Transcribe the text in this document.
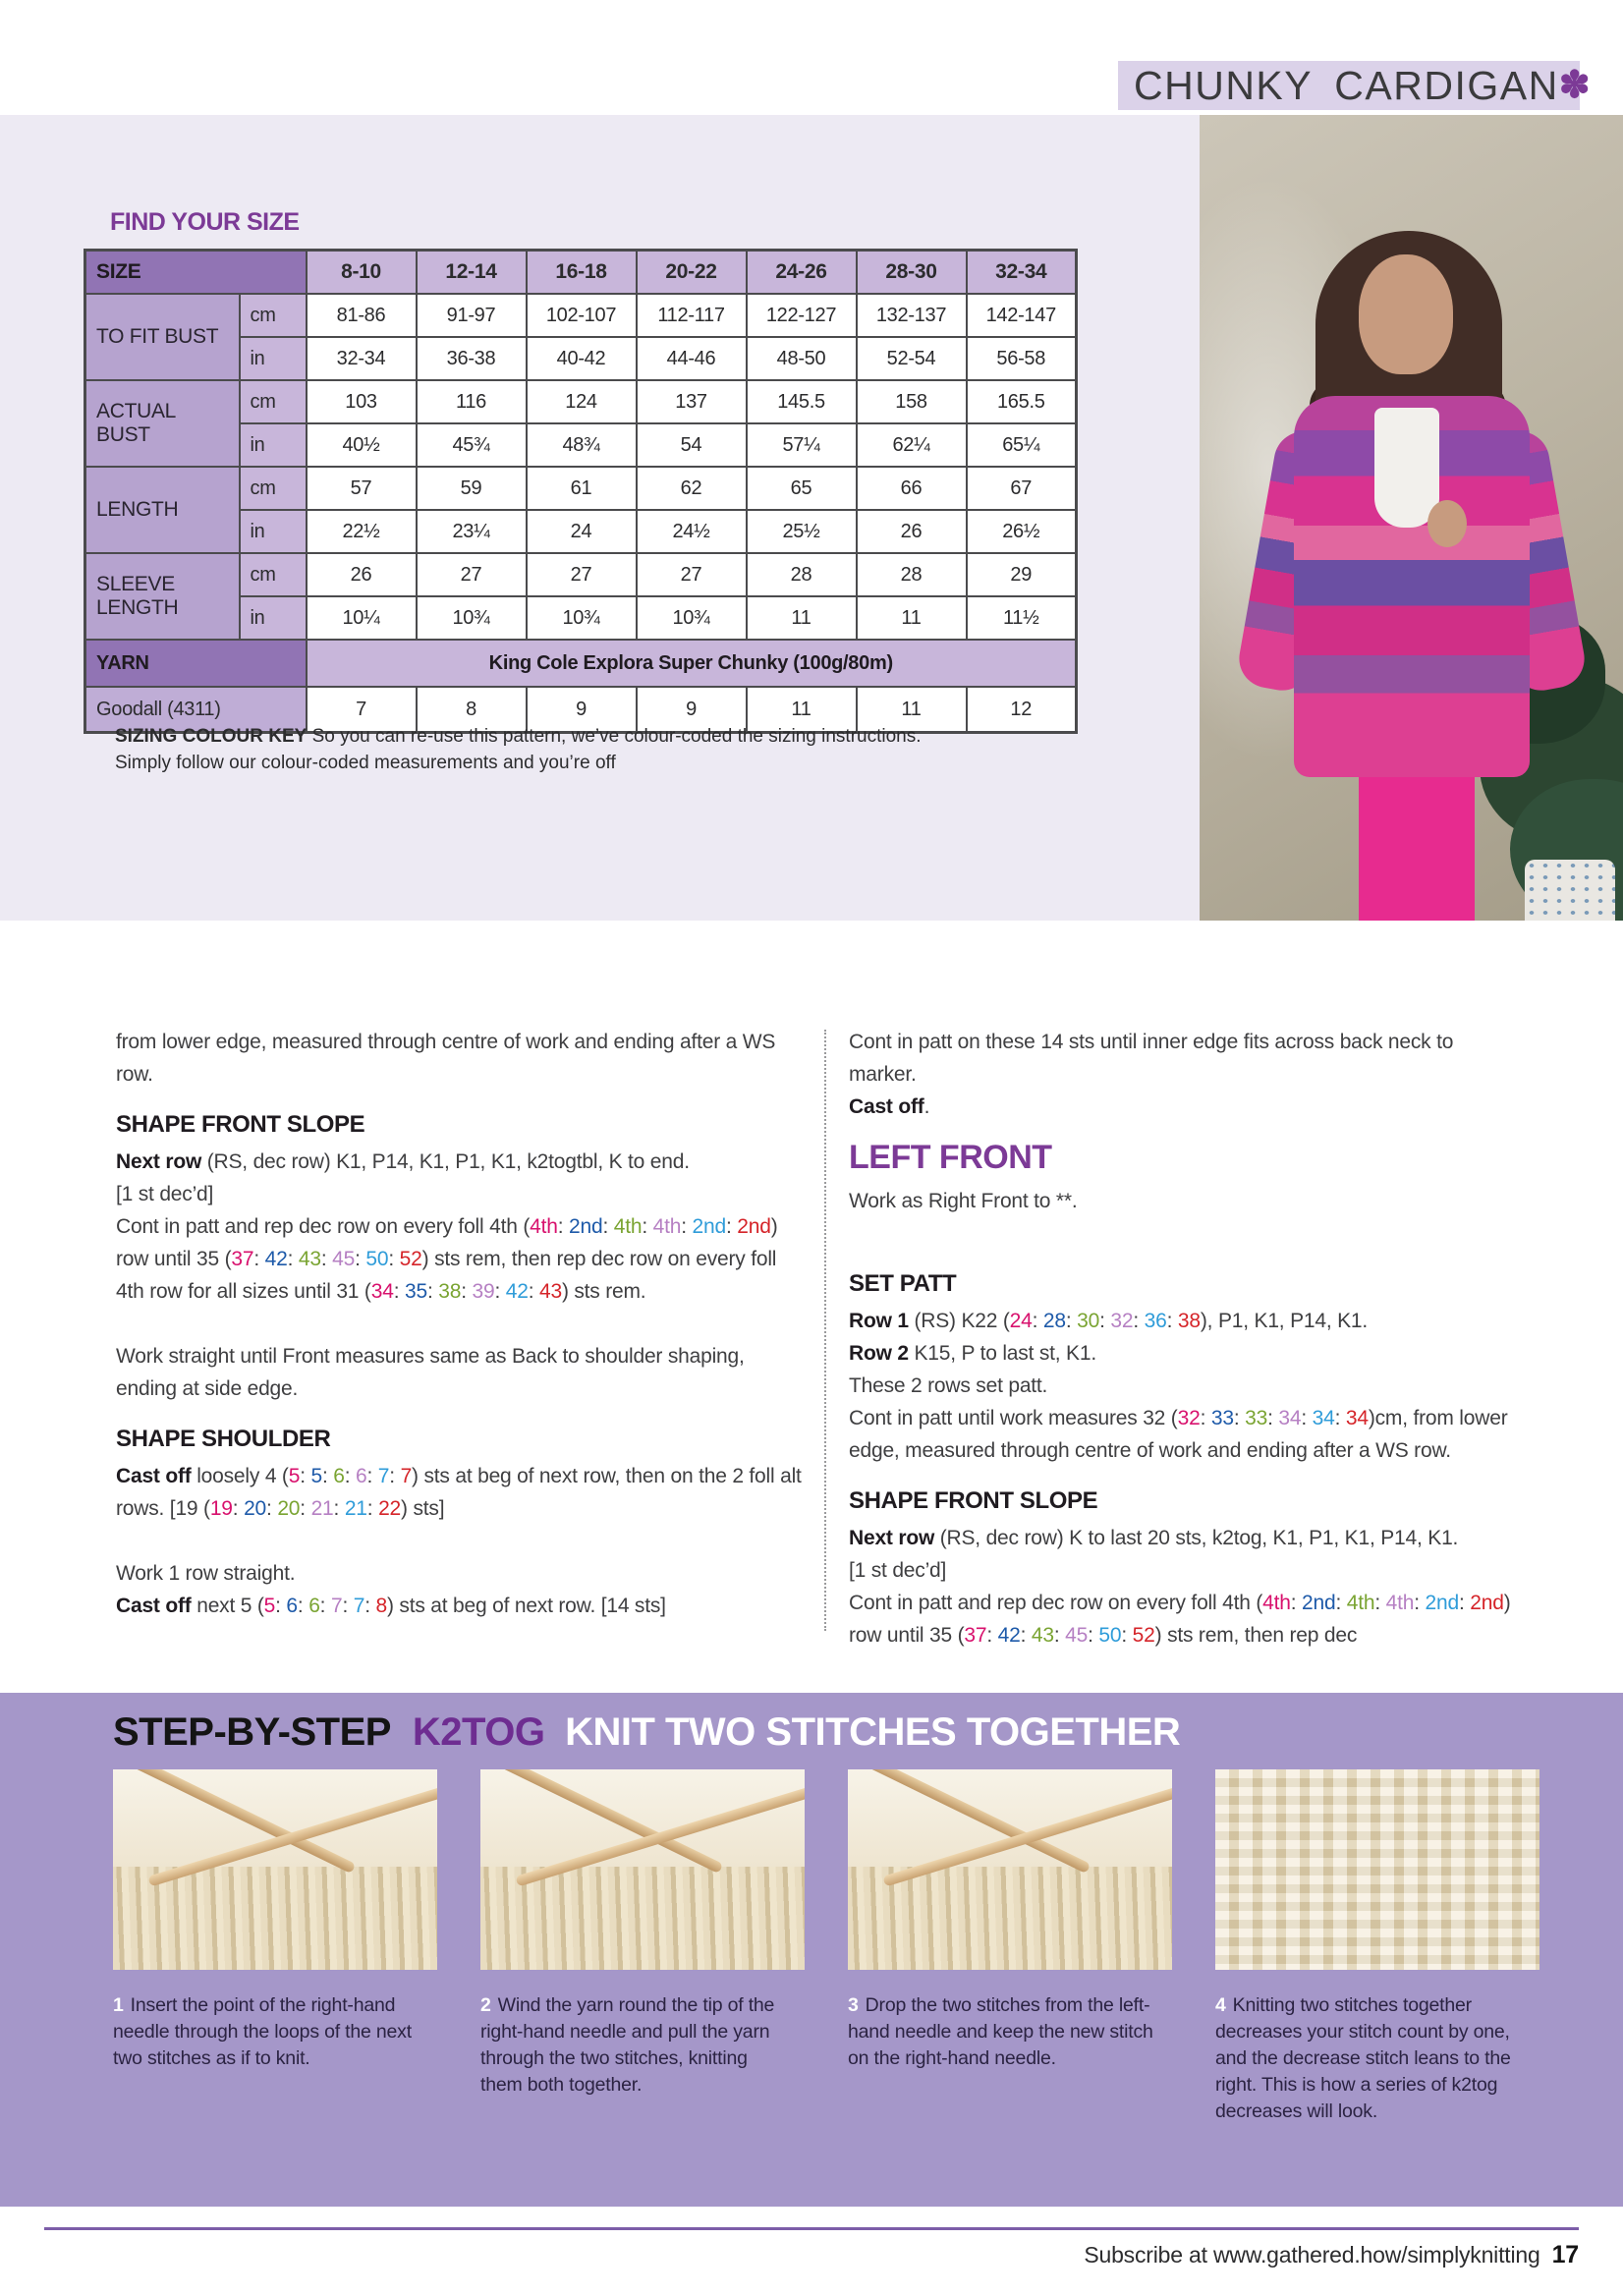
CHUNKY CARDIGAN ✽
FIND YOUR SIZE
SIZE		8-10	12-14	16-18	20-22	24-26	28-30	32-34
TO FIT BUST	cm	81-86	91-97	102-107	112-117	122-127	132-137	142-147
	in	32-34	36-38	40-42	44-46	48-50	52-54	56-58
ACTUAL BUST	cm	103	116	124	137	145.5	158	165.5
	in	40½	45¾	48¾	54	57¼	62¼	65¼
LENGTH	cm	57	59	61	62	65	66	67
	in	22½	23¼	24	24½	25½	26	26½
SLEEVE LENGTH	cm	26	27	27	27	28	28	29
	in	10¼	10¾	10¾	10¾	11	11	11½
YARN		King Cole Explora Super Chunky (100g/80m)						
Goodall (4311)		7	8	9	9	11	11	12
SIZING COLOUR KEY So you can re-use this pattern, we’ve colour-coded the sizing instructions. Simply follow our colour-coded measurements and you’re off
from lower edge, measured through centre of work and ending after a WS row.
SHAPE FRONT SLOPE
Next row (RS, dec row) K1, P14, K1, P1, K1, k2togtbl, K to end.
[1 st dec’d]
Cont in patt and rep dec row on every foll 4th (4th: 2nd: 4th: 4th: 2nd: 2nd) row until 35 (37: 42: 43: 45: 50: 52) sts rem, then rep dec row on every foll 4th row for all sizes until 31 (34: 35: 38: 39: 42: 43) sts rem.
Work straight until Front measures same as Back to shoulder shaping, ending at side edge.
SHAPE SHOULDER
Cast off loosely 4 (5: 5: 6: 6: 7: 7) sts at beg of next row, then on the 2 foll alt rows. [19 (19: 20: 20: 21: 21: 22) sts]
Work 1 row straight.
Cast off next 5 (5: 6: 6: 7: 7: 8) sts at beg of next row. [14 sts]
Cont in patt on these 14 sts until inner edge fits across back neck to marker.
Cast off.
LEFT FRONT
Work as Right Front to **.
SET PATT
Row 1 (RS) K22 (24: 28: 30: 32: 36: 38), P1, K1, P14, K1.
Row 2 K15, P to last st, K1.
These 2 rows set patt.
Cont in patt until work measures 32 (32: 33: 33: 34: 34: 34)cm, from lower edge, measured through centre of work and ending after a WS row.
SHAPE FRONT SLOPE
Next row (RS, dec row) K to last 20 sts, k2tog, K1, P1, K1, P14, K1.
[1 st dec’d]
Cont in patt and rep dec row on every foll 4th (4th: 2nd: 4th: 4th: 2nd: 2nd) row until 35 (37: 42: 43: 45: 50: 52) sts rem, then rep dec
STEP-BY-STEP K2TOG KNIT TWO STITCHES TOGETHER
1 Insert the point of the right-hand needle through the loops of the next two stitches as if to knit.
2 Wind the yarn round the tip of the right-hand needle and pull the yarn through the two stitches, knitting them both together.
3 Drop the two stitches from the left-hand needle and keep the new stitch on the right-hand needle.
4 Knitting two stitches together decreases your stitch count by one, and the decrease stitch leans to the right. This is how a series of k2tog decreases will look.
Subscribe at www.gathered.how/simplyknitting 17
